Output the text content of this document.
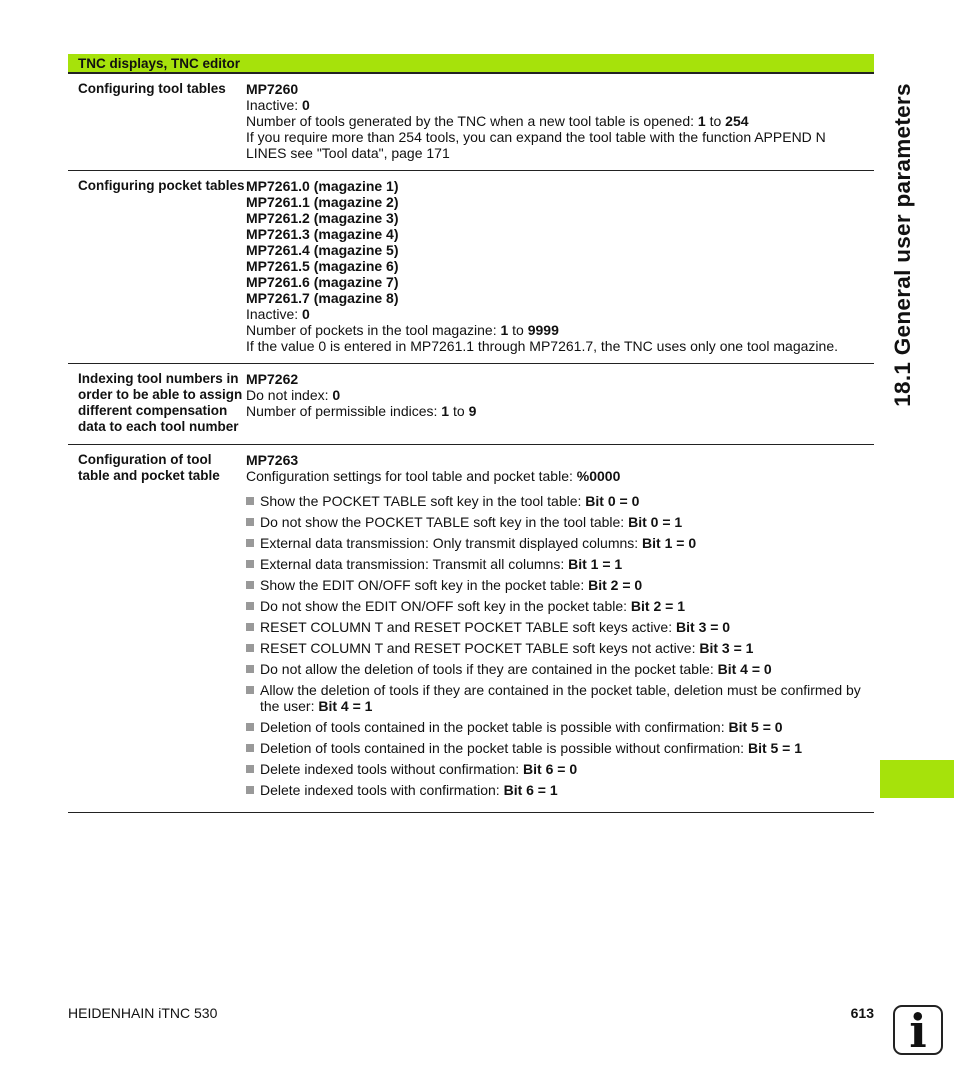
TNC displays, TNC editor
Configuring tool tables	MP7260
Inactive: 0
Number of tools generated by the TNC when a new tool table is opened: 1 to 254
If you require more than 254 tools, you can expand the tool table with the function APPEND N LINES see "Tool data", page 171
Configuring pocket tables MP7261.0 (magazine 1)
MP7261.1 (magazine 2)
MP7261.2 (magazine 3)
MP7261.3 (magazine 4)
MP7261.4 (magazine 5)
MP7261.5 (magazine 6)
MP7261.6 (magazine 7)
MP7261.7 (magazine 8)
Inactive: 0
Number of pockets in the tool magazine: 1 to 9999
If the value 0 is entered in MP7261.1 through MP7261.7, the TNC uses only one tool magazine.
Indexing tool numbers in order to be able to assign different compensation data to each tool number
MP7262
Do not index: 0
Number of permissible indices: 1 to 9
Configuration of tool table and pocket table
MP7263
Configuration settings for tool table and pocket table: %0000
Show the POCKET TABLE soft key in the tool table: Bit 0 = 0
Do not show the POCKET TABLE soft key in the tool table: Bit 0 = 1
External data transmission: Only transmit displayed columns: Bit 1 = 0
External data transmission: Transmit all columns: Bit 1 = 1
Show the EDIT ON/OFF soft key in the pocket table: Bit 2 = 0
Do not show the EDIT ON/OFF soft key in the pocket table: Bit 2 = 1
RESET COLUMN T and RESET POCKET TABLE soft keys active: Bit 3 = 0
RESET COLUMN T and RESET POCKET TABLE soft keys not active: Bit 3 = 1
Do not allow the deletion of tools if they are contained in the pocket table: Bit 4 = 0
Allow the deletion of tools if they are contained in the pocket table, deletion must be confirmed by the user: Bit 4 = 1
Deletion of tools contained in the pocket table is possible with confirmation: Bit 5 = 0
Deletion of tools contained in the pocket table is possible without confirmation: Bit 5 = 1
Delete indexed tools without confirmation: Bit 6 = 0
Delete indexed tools with confirmation: Bit 6 = 1
18.1 General user parameters
HEIDENHAIN iTNC 530	613 i
